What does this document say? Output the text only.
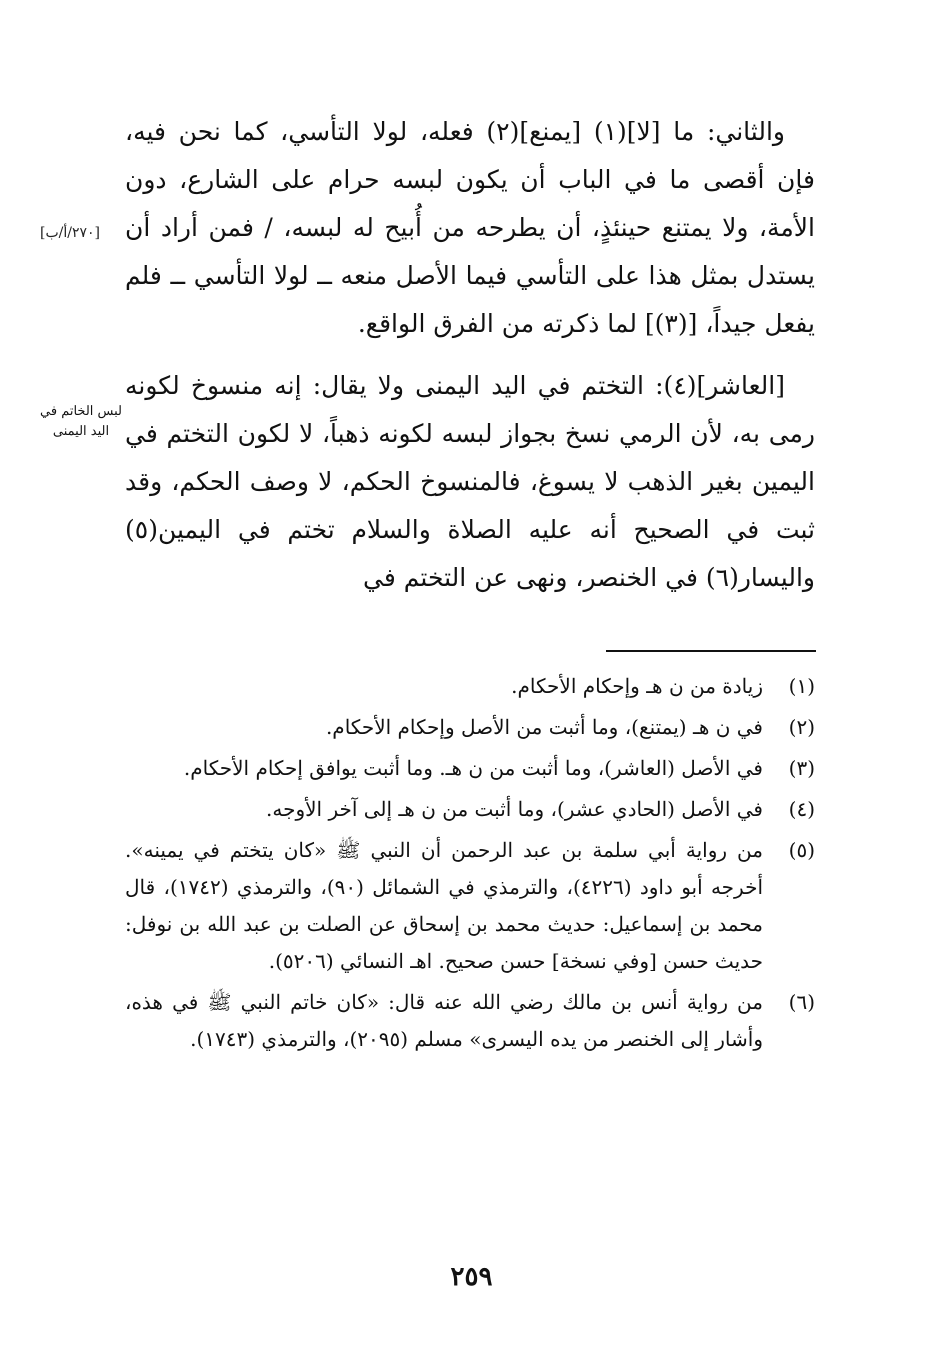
والثاني: ما [لا](١) [يمنع](٢) فعله، لولا التأسي، كما نحن فيه، فإن أقصى ما في الباب أن يكون لبسه حرام على الشارع، دون الأمة، ولا يمتنع حينئذٍ، أن يطرحه من أُبيح له لبسه، / فمن أراد أن يستدل بمثل هذا على التأسي فيما الأصل منعه ــ لولا التأسي ــ فلم يفعل جيداً، [(٣)] لما ذكرته من الفرق الواقع.

[العاشر](٤): التختم في اليد اليمنى ولا يقال: إنه منسوخ لكونه رمى به، لأن الرمي نسخ بجواز لبسه لكونه ذهباً، لا لكون التختم في اليمين بغير الذهب لا يسوغ، فالمنسوخ الحكم، لا وصف الحكم، وقد ثبت في الصحيح أنه عليه الصلاة والسلام تختم في اليمين(٥) واليسار(٦) في الخنصر، ونهى عن التختم في

[٢٧٠/أ/ب]
لبس الخاتم في اليد اليمنى
(١)
زيادة من ن هـ وإحكام الأحكام.
(٢)
في ن هـ (يمتنع)، وما أثبت من الأصل وإحكام الأحكام.
(٣)
في الأصل (العاشر)، وما أثبت من ن هـ. وما أثبت يوافق إحكام الأحكام.
(٤)
في الأصل (الحادي عشر)، وما أثبت من ن هـ إلى آخر الأوجه.
(٥)
من رواية أبي سلمة بن عبد الرحمن أن النبي ﷺ «كان يتختم في يمينه». أخرجه أبو داود (٤٢٢٦)، والترمذي في الشمائل (٩٠)، والترمذي (١٧٤٢)، قال محمد بن إسماعيل: حديث محمد بن إسحاق عن الصلت بن عبد الله بن نوفل: حديث حسن [وفي نسخة] حسن صحيح. اهـ النسائي (٥٢٠٦).
(٦)
من رواية أنس بن مالك رضي الله عنه قال: «كان خاتم النبي ﷺ في هذه، وأشار إلى الخنصر من يده اليسرى» مسلم (٢٠٩٥)، والترمذي (١٧٤٣).
٢٥٩
